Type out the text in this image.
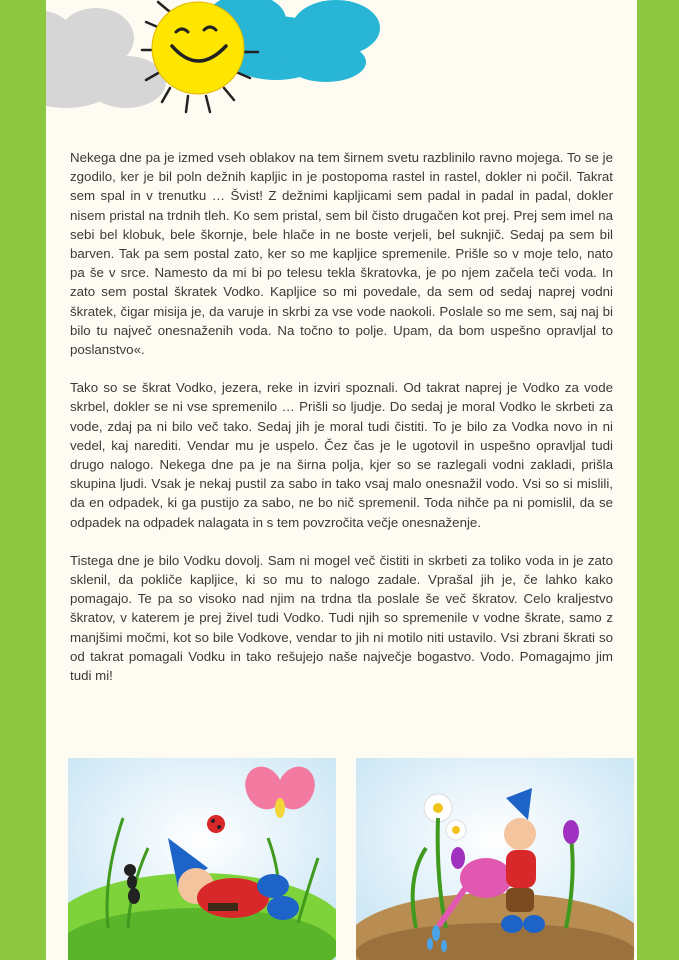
Nekega dne pa je izmed vseh oblakov na tem širnem svetu razblinilo ravno mojega. To se je zgodilo, ker je bil poln dežnih kapljic in je postopoma rastel in rastel, dokler ni počil. Takrat sem spal in v trenutku … Švist! Z dežnimi kapljicami sem padal in padal in padal, dokler nisem pristal na trdnih tleh. Ko sem pristal, sem bil čisto drugačen kot prej. Prej sem imel na sebi bel klobuk, bele škornje, bele hlače in ne boste verjeli, bel suknjič. Sedaj pa sem bil barven. Tak pa sem postal zato, ker so me kapljice spremenile. Prišle so v moje telo, nato pa še v srce. Namesto da mi bi po telesu tekla škratovka, je po njem začela teči voda. In zato sem postal škratek Vodko. Kapljice so mi povedale, da sem od sedaj naprej vodni škratek, čigar misija je, da varuje in skrbi za vse vode naokoli. Poslale so me sem, saj naj bi bilo tu največ onesnaženih voda. Na točno to polje. Upam, da bom uspešno opravljal to poslanstvo«.

Tako so se škrat Vodko, jezera, reke in izviri spoznali. Od takrat naprej je Vodko za vode skrbel, dokler se ni vse spremenilo … Prišli so ljudje. Do sedaj je moral Vodko le skrbeti za vode, zdaj pa ni bilo več tako. Sedaj jih je moral tudi čistiti. To je bilo za Vodka novo in ni vedel, kaj narediti. Vendar mu je uspelo. Čez čas je le ugotovil in uspešno opravljal tudi drugo nalogo. Nekega dne pa je na širna polja, kjer so se razlegali vodni zakladi, prišla skupina ljudi. Vsak je nekaj pustil za sabo in tako vsaj malo onesnažil vodo. Vsi so si mislili, da en odpadek, ki ga pustijo za sabo, ne bo nič spremenil. Toda nihče pa ni pomislil, da se odpadek na odpadek nalagata in s tem povzročita večje onesnaženje.

Tistega dne je bilo Vodku dovolj. Sam ni mogel več čistiti in skrbeti za toliko voda in je zato sklenil, da pokliče kapljice, ki so mu to nalogo zadale. Vprašal jih je, če lahko kako pomagajo. Te pa so visoko nad njim na trdna tla poslale še več škratov. Celo kraljestvo škratov, v katerem je prej živel tudi Vodko. Tudi njih so spremenile v vodne škrate, samo z manjšimi močmi, kot so bile Vodkove, vendar to jih ni motilo niti ustavilo. Vsi zbrani škrati so od takrat pomagali Vodku in tako rešujejo naše največje bogastvo. Vodo. Pomagajmo jim tudi mi!
